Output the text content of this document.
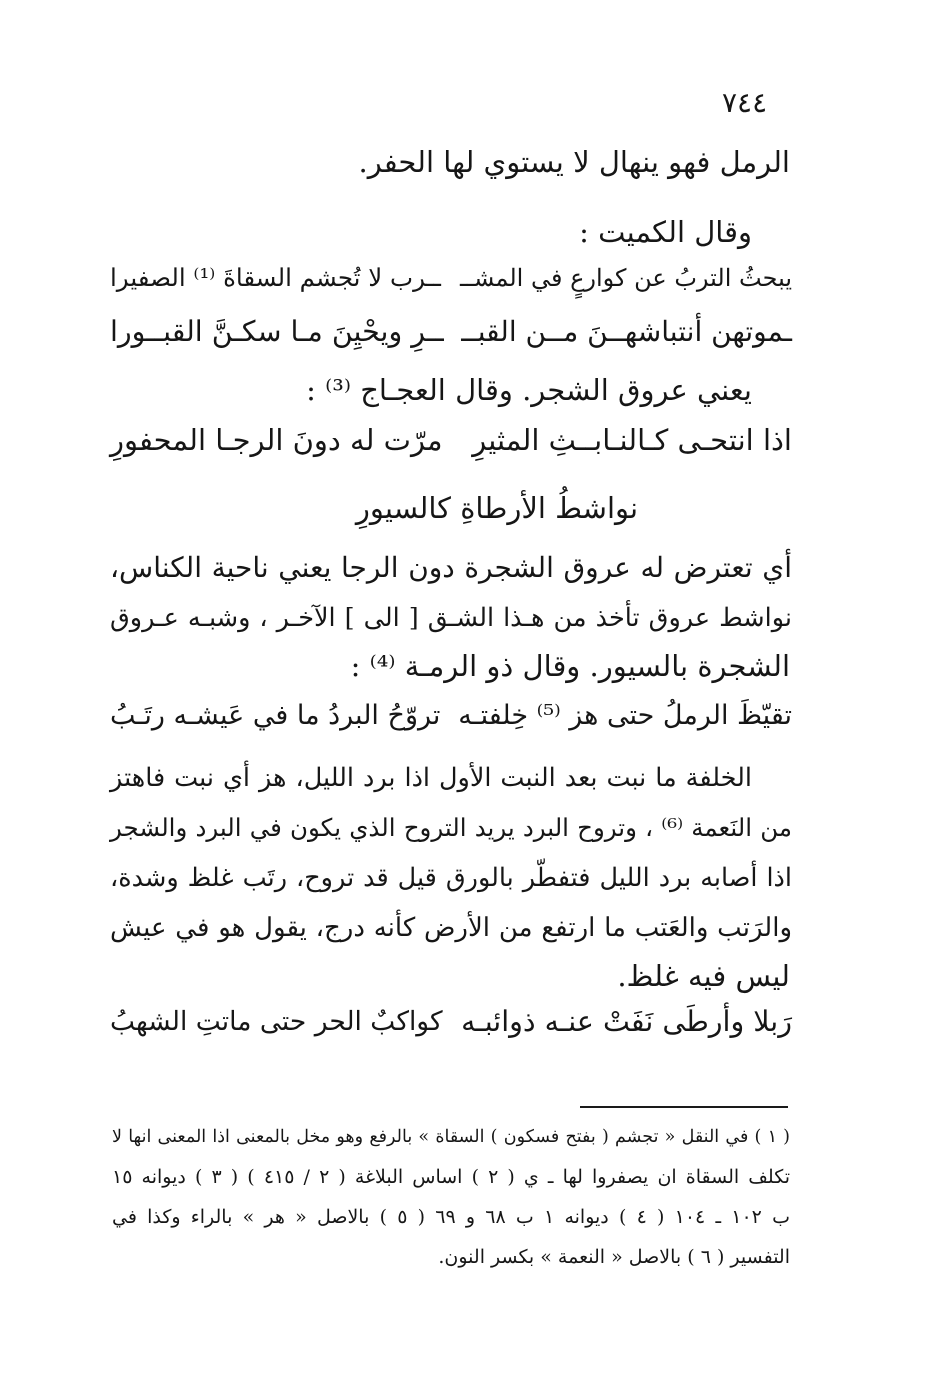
٧٤٤
الرمل فهو ينهال لا يستوي لها الحفر.
وقال الكميت :
يبحثُ التربُ عن كوارعٍ في المشــ
ــرب لا تُجشم السقاةَ ⁽¹⁾ الصفيرا
ـموتهن أنتباشهــنَ مــن القبــ
ــرِ ويحْيِنَ مـا سكـنَّ القبــورا
يعني عروق الشجر. وقال العجـاج ⁽³⁾ :
اذا انتحـى كـالنـابــثِ المثيرِ
مرّت له دونَ الرجـا المحفورِ
نواشطُ الأرطاةِ كالسيورِ
أي تعترض له عروق الشجرة دون الرجا يعني ناحية الكناس،
نواشط عروق تأخذ من هـذا الشـق [ الى ] الآخـر ، وشبـه عـروق
الشجرة بالسيور. وقال ذو الرمـة ⁽⁴⁾ :
تقيّظَ الرملُ حتى هز ⁽⁵⁾ خِلفتـه
تروّحُ البردُ ما في عَيشـه رتَـبُ
الخلفة ما نبت بعد النبت الأول اذا برد الليل، هز أي نبت فاهتز
من النَعمة ⁽⁶⁾ ، وتروح البرد يريد التروح الذي يكون في البرد والشجر
اذا أصابه برد الليل فتفطّر بالورق قيل قد تروح، رتَب غلظ وشدة،
والرَتب والعَتب ما ارتفع من الأرض كأنه درج، يقول هو في عيش
ليس فيه غلظ.
رَبلا وأرطَى نَفَتْ عنـه ذوائبـه
كواكبٌ الحر حتى ماتتِ الشهبُ
( ١ ) في النقل « تجشم ( بفتح فسكون ) السقاة » بالرفع وهو مخل بالمعنى اذا المعنى انها لا
تكلف السقاة ان يصفروا لها ـ ي ( ٢ ) اساس البلاغة ( ٢ / ٤١٥ ) ( ٣ ) ديوانه ١٥
ب ١٠٢ ـ ١٠٤ ( ٤ ) ديوانه ١ ب ٦٨ و ٦٩ ( ٥ ) بالاصل « هر » بالراء وكذا في
التفسير ( ٦ ) بالاصل « النعمة » بكسر النون.
